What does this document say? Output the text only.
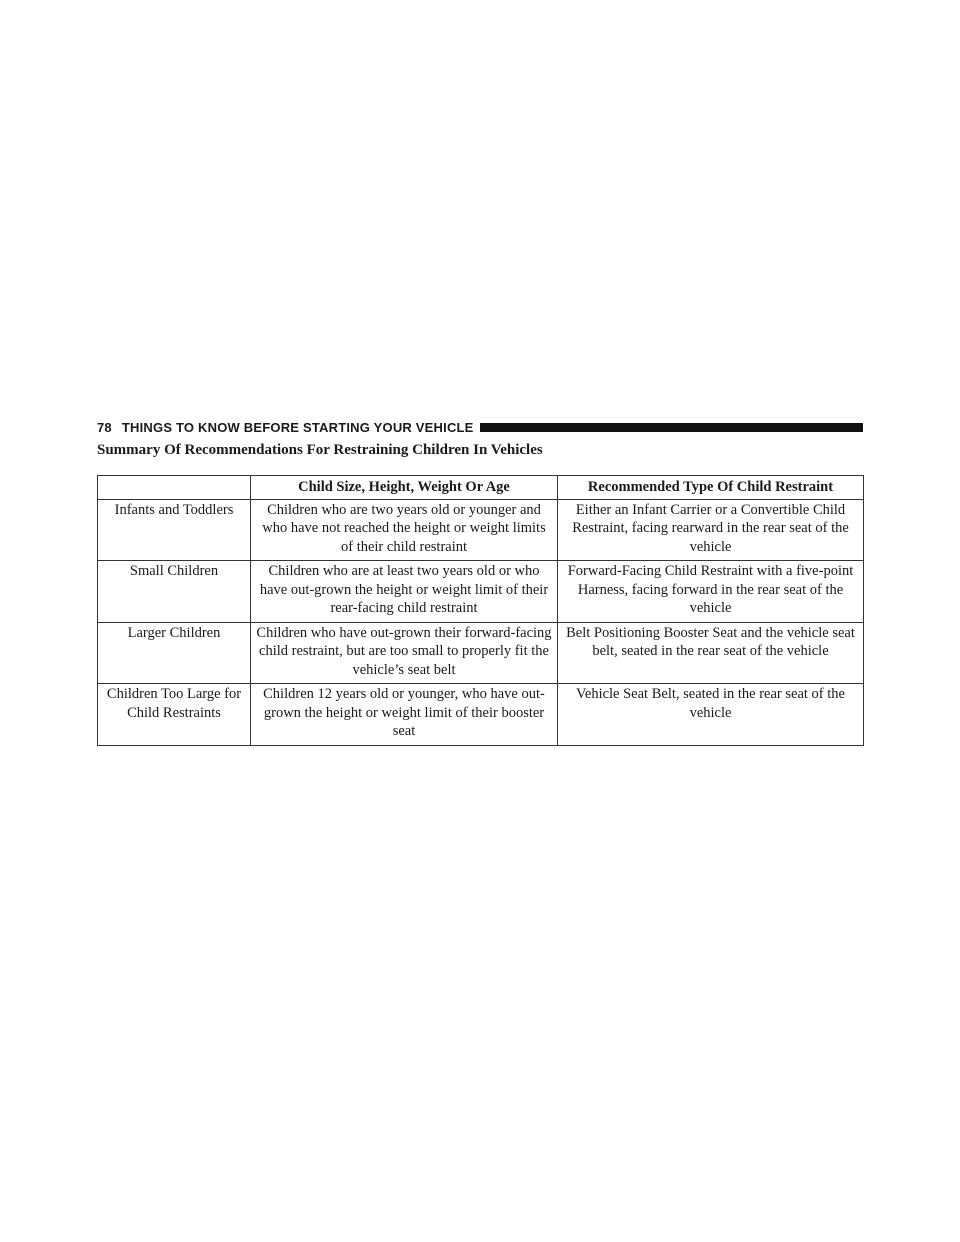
78 THINGS TO KNOW BEFORE STARTING YOUR VEHICLE
Summary Of Recommendations For Restraining Children In Vehicles
	Child Size, Height, Weight Or Age	Recommended Type Of Child Restraint
Infants and Toddlers	Children who are two years old or younger and who have not reached the height or weight limits of their child restraint	Either an Infant Carrier or a Convertible Child Restraint, facing rearward in the rear seat of the vehicle
Small Children	Children who are at least two years old or who have out-grown the height or weight limit of their rear-facing child restraint	Forward-Facing Child Restraint with a five-point Harness, facing forward in the rear seat of the vehicle
Larger Children	Children who have out-grown their forward-facing child restraint, but are too small to properly fit the vehicle’s seat belt	Belt Positioning Booster Seat and the vehicle seat belt, seated in the rear seat of the vehicle
Children Too Large for Child Restraints	Children 12 years old or younger, who have out-grown the height or weight limit of their booster seat	Vehicle Seat Belt, seated in the rear seat of the vehicle
